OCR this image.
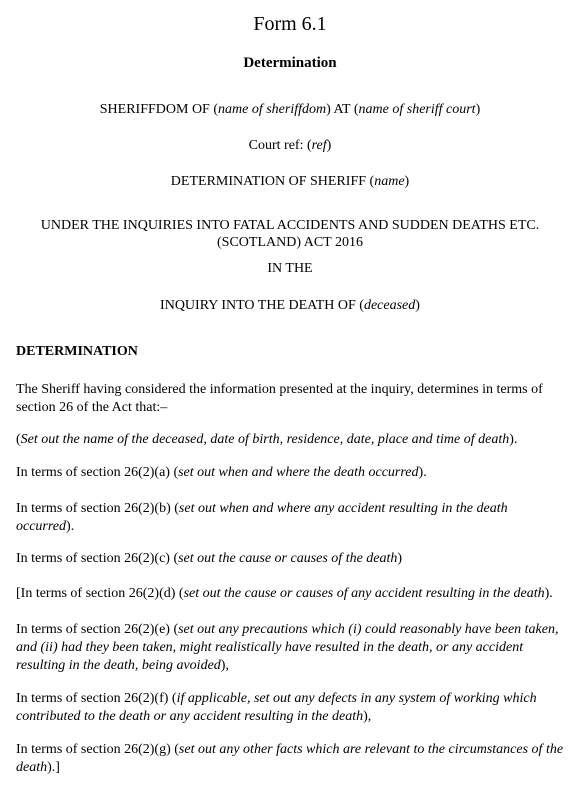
Form 6.1
Determination
SHERIFFDOM OF (name of sheriffdom) AT (name of sheriff court)
Court ref: (ref)
DETERMINATION OF SHERIFF (name)
UNDER THE INQUIRIES INTO FATAL ACCIDENTS AND SUDDEN DEATHS ETC.
(SCOTLAND) ACT 2016
IN THE
INQUIRY INTO THE DEATH OF (deceased)
DETERMINATION
The Sheriff having considered the information presented at the inquiry, determines in terms of section 26 of the Act that:–
(Set out the name of the deceased, date of birth, residence, date, place and time of death).
In terms of section 26(2)(a) (set out when and where the death occurred).
In terms of section 26(2)(b) (set out when and where any accident resulting in the death occurred).
In terms of section 26(2)(c) (set out the cause or causes of the death)
[In terms of section 26(2)(d) (set out the cause or causes of any accident resulting in the death).
In terms of section 26(2)(e) (set out any precautions which (i) could reasonably have been taken, and (ii) had they been taken, might realistically have resulted in the death, or any accident resulting in the death, being avoided),
In terms of section 26(2)(f) (if applicable, set out any defects in any system of working which contributed to the death or any accident resulting in the death),
In terms of section 26(2)(g) (set out any other facts which are relevant to the circumstances of the death).]
